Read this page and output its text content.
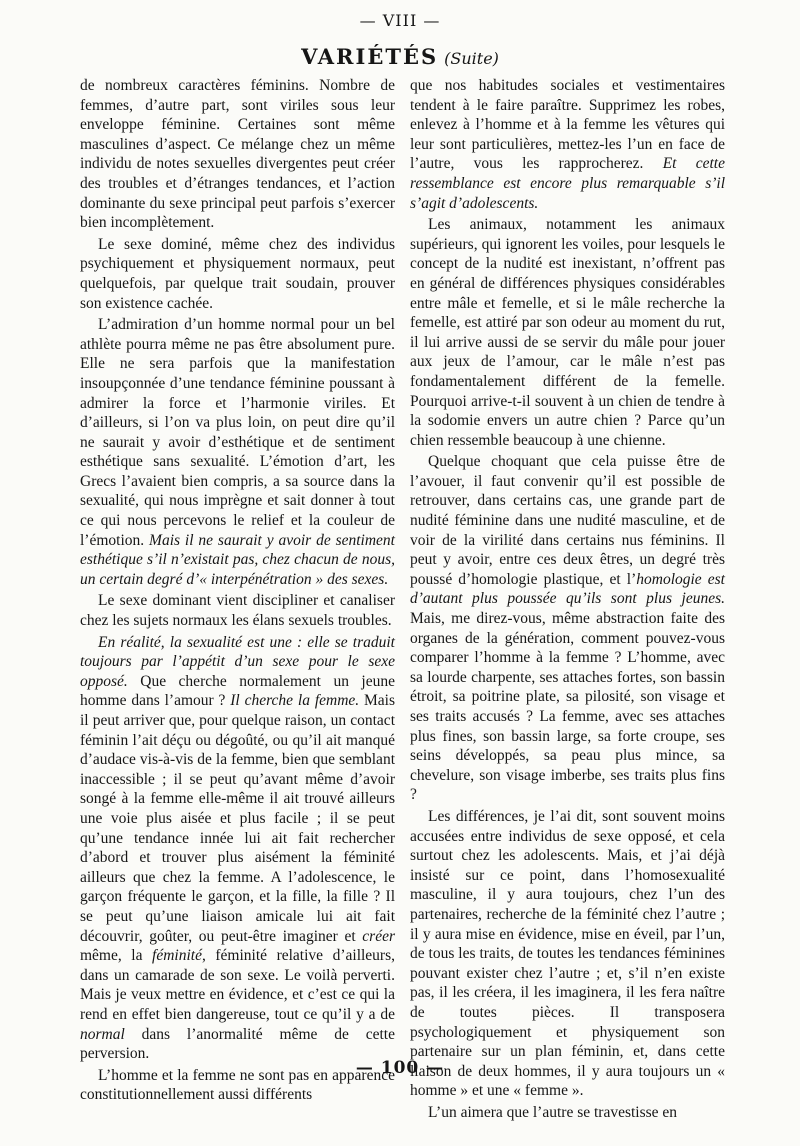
— VIII —
VARIÉTÉS (Suite)

de nombreux caractères féminins. Nombre de femmes, d’autre part, sont viriles sous leur enveloppe féminine. Certaines sont même masculines d’aspect. Ce mélange chez un même individu de notes sexuelles divergentes peut créer des troubles et d’étranges tendances, et l’action dominante du sexe principal peut parfois s’exercer bien incomplètement.

Le sexe dominé, même chez des individus psychiquement et physiquement normaux, peut quelquefois, par quelque trait soudain, prouver son existence cachée.

L’admiration d’un homme normal pour un bel athlète pourra même ne pas être absolument pure. Elle ne sera parfois que la manifestation insoupçonnée d’une tendance féminine poussant à admirer la force et l’harmonie viriles. Et d’ailleurs, si l’on va plus loin, on peut dire qu’il ne saurait y avoir d’esthétique et de sentiment esthétique sans sexualité. L’émotion d’art, les Grecs l’avaient bien compris, a sa source dans la sexualité, qui nous imprègne et sait donner à tout ce qui nous percevons le relief et la couleur de l’émotion. Mais il ne saurait y avoir de sentiment esthétique s’il n’existait pas, chez chacun de nous, un certain degré d’« interpénétration » des sexes.

Le sexe dominant vient discipliner et canaliser chez les sujets normaux les élans sexuels troubles.

En réalité, la sexualité est une : elle se traduit toujours par l’appétit d’un sexe pour le sexe opposé. Que cherche normalement un jeune homme dans l’amour ? Il cherche la femme. Mais il peut arriver que, pour quelque raison, un contact féminin l’ait déçu ou dégoûté, ou qu’il ait manqué d’audace vis-à-vis de la femme, bien que semblant inaccessible ; il se peut qu’avant même d’avoir songé à la femme elle-même il ait trouvé ailleurs une voie plus aisée et plus facile ; il se peut qu’une tendance innée lui ait fait rechercher d’abord et trouver plus aisément la féminité ailleurs que chez la femme. A l’adolescence, le garçon fréquente le garçon, et la fille, la fille ? Il se peut qu’une liaison amicale lui ait fait découvrir, goûter, ou peut-être imaginer et créer même, la féminité, féminité relative d’ailleurs, dans un camarade de son sexe. Le voilà perverti. Mais je veux mettre en évidence, et c’est ce qui la rend en effet bien dangereuse, tout ce qu’il y a de normal dans l’anormalité même de cette perversion.

L’homme et la femme ne sont pas en apparence constitutionnellement aussi différents

que nos habitudes sociales et vestimentaires tendent à le faire paraître. Supprimez les robes, enlevez à l’homme et à la femme les vêtures qui leur sont particulières, mettez-les l’un en face de l’autre, vous les rapprocherez. Et cette ressemblance est encore plus remarquable s’il s’agit d’adolescents.

Les animaux, notamment les animaux supérieurs, qui ignorent les voiles, pour lesquels le concept de la nudité est inexistant, n’offrent pas en général de différences physiques considérables entre mâle et femelle, et si le mâle recherche la femelle, est attiré par son odeur au moment du rut, il lui arrive aussi de se servir du mâle pour jouer aux jeux de l’amour, car le mâle n’est pas fondamentalement différent de la femelle. Pourquoi arrive-t-il souvent à un chien de tendre à la sodomie envers un autre chien ? Parce qu’un chien ressemble beaucoup à une chienne.

Quelque choquant que cela puisse être de l’avouer, il faut convenir qu’il est possible de retrouver, dans certains cas, une grande part de nudité féminine dans une nudité masculine, et de voir de la virilité dans certains nus féminins. Il peut y avoir, entre ces deux êtres, un degré très poussé d’homologie plastique, et l’homologie est d’autant plus poussée qu’ils sont plus jeunes. Mais, me direz-vous, même abstraction faite des organes de la génération, comment pouvez-vous comparer l’homme à la femme ? L’homme, avec sa lourde charpente, ses attaches fortes, son bassin étroit, sa poitrine plate, sa pilosité, son visage et ses traits accusés ? La femme, avec ses attaches plus fines, son bassin large, sa forte croupe, ses seins développés, sa peau plus mince, sa chevelure, son visage imberbe, ses traits plus fins ?

Les différences, je l’ai dit, sont souvent moins accusées entre individus de sexe opposé, et cela surtout chez les adolescents. Mais, et j’ai déjà insisté sur ce point, dans l’homosexualité masculine, il y aura toujours, chez l’un des partenaires, recherche de la féminité chez l’autre ; il y aura mise en évidence, mise en éveil, par l’un, de tous les traits, de toutes les tendances féminines pouvant exister chez l’autre ; et, s’il n’en existe pas, il les créera, il les imaginera, il les fera naître de toutes pièces. Il transposera psychologiquement et physiquement son partenaire sur un plan féminin, et, dans cette liaison de deux hommes, il y aura toujours un « homme » et une « femme ».

L’un aimera que l’autre se travestisse en

— 100 —
